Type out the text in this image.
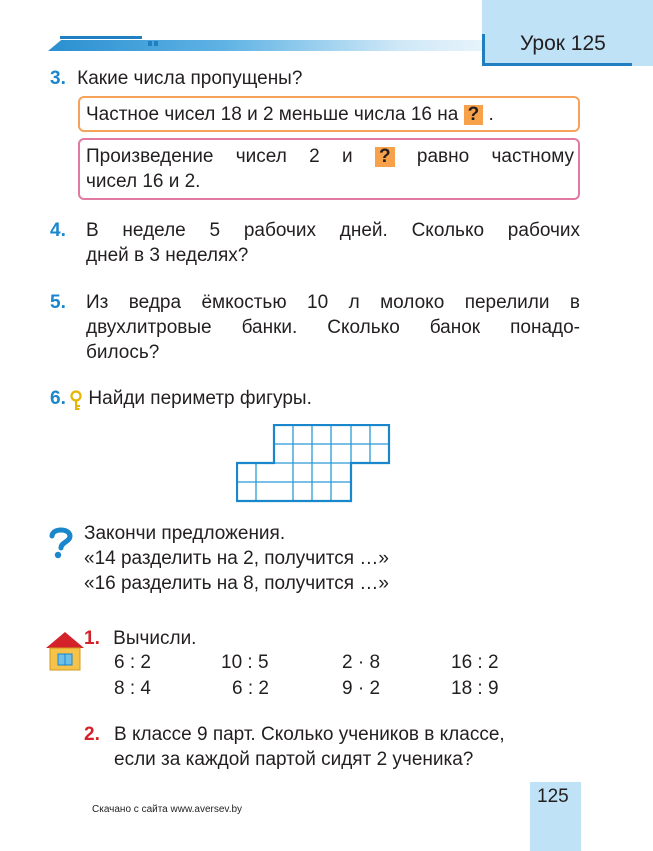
Урок 125
3. Какие числа пропущены?
Частное чисел 18 и 2 меньше числа 16 на ? .
Произведение чисел 2 и ? равно частному
чисел 16 и 2.
4.	В неделе 5 рабочих дней. Сколько рабочих
дней в 3 неделях?
5.	Из ведра ёмкостью 10 л молоко перелили в
двухлитровые банки. Сколько банок понадо-
билось?
6. Найди периметр фигуры.
Закончи предложения.
«14 разделить на 2, получится …»
«16 разделить на 8, получится …»
1. Вычисли.
6 : 2	10 : 5	2 · 8	16 : 2
8 : 4	6 : 2	9 · 2	18 : 9
2. В классе 9 парт. Сколько учеников в классе,
если за каждой партой сидят 2 ученика?
Скачано с сайта www.aversev.by
125
